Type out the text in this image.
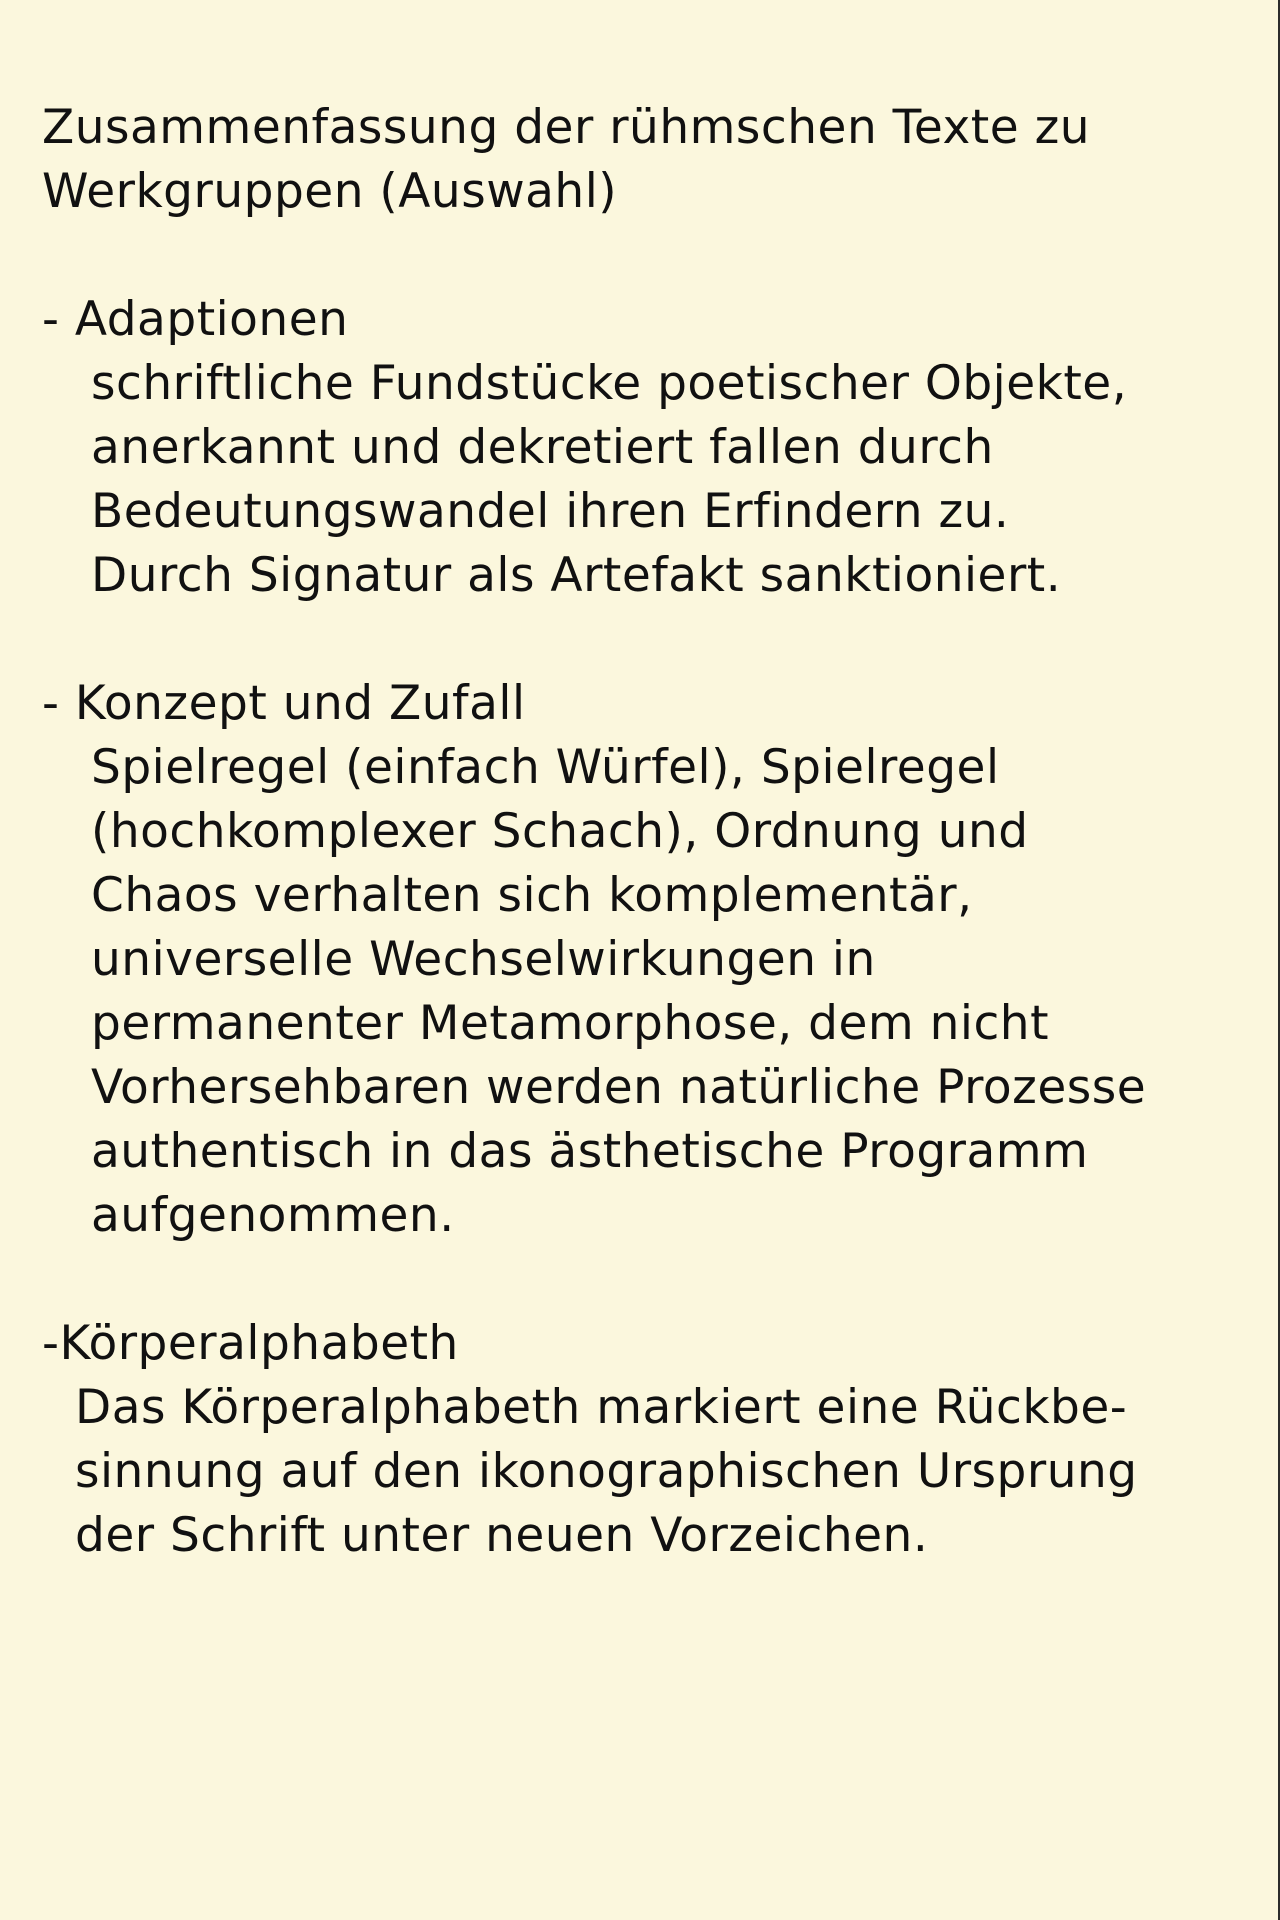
Zusammenfassung der rühmschen Texte zu
Werkgruppen (Auswahl)
- Adaptionen
schriftliche Fundstücke poetischer Objekte,
anerkannt und dekretiert fallen durch
Bedeutungswandel ihren Erfindern zu.
Durch Signatur als Artefakt sanktioniert.
- Konzept und Zufall
Spielregel (einfach Würfel), Spielregel
(hochkomplexer Schach), Ordnung und
Chaos verhalten sich komplementär,
universelle Wechselwirkungen in
permanenter Metamorphose, dem nicht
Vorhersehbaren werden natürliche Prozesse
authentisch in das ästhetische Programm
aufgenommen.
-Körperalphabeth
Das Körperalphabeth markiert eine Rückbe-
sinnung auf den ikonographischen Ursprung
der Schrift unter neuen Vorzeichen.
